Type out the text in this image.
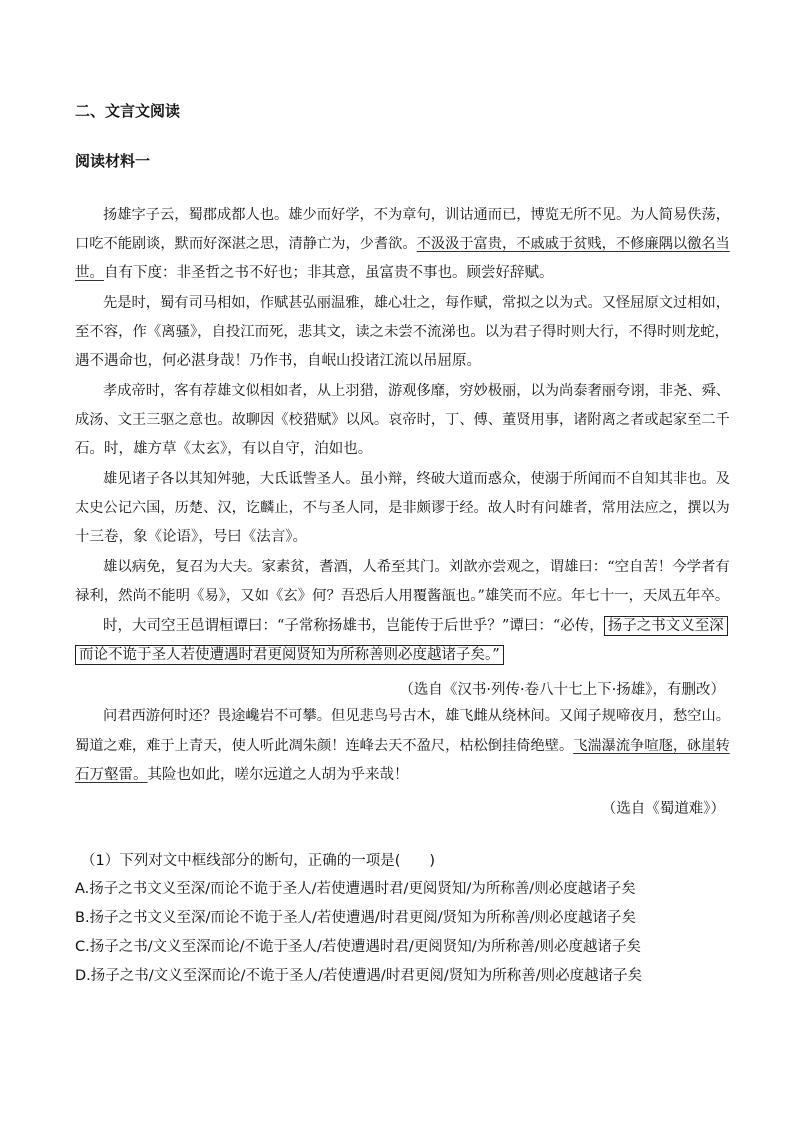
二、文言文阅读

阅读材料一

扬雄字子云，蜀郡成都人也。雄少而好学，不为章句，训诂通而已，博览无所不见。为人简易佚荡，

口吃不能剧谈，默而好深湛之思，清静亡为，少耆欲。不汲汲于富贵，不戚戚于贫贱，不修廉隅以徼名当

世。自有下度：非圣哲之书不好也；非其意，虽富贵不事也。顾尝好辞赋。

先是时，蜀有司马相如，作赋甚弘丽温雅，雄心壮之，每作赋，常拟之以为式。又怪屈原文过相如，

至不容，作《离骚》，自投江而死，悲其文，读之未尝不流涕也。以为君子得时则大行，不得时则龙蛇，

遇不遇命也，何必湛身哉！乃作书，自岷山投诸江流以吊屈原。

孝成帝时，客有荐雄文似相如者，从上羽猎，游观侈靡，穷妙极丽，以为尚泰奢丽夸诩，非尧、舜、

成汤、文王三驱之意也。故聊因《校猎赋》以风。哀帝时，丁、傅、董贤用事，诸附离之者或起家至二千

石。时，雄方草《太玄》，有以自守，泊如也。

雄见诸子各以其知舛驰，大氐诋訾圣人。虽小辩，终破大道而惑众，使溺于所闻而不自知其非也。及

太史公记六国，历楚、汉，讫麟止，不与圣人同，是非颇谬于经。故人时有问雄者，常用法应之，撰以为

十三卷，象《论语》，号曰《法言》。

雄以病免，复召为大夫。家素贫，耆酒，人希至其门。刘歆亦尝观之，谓雄曰：“空自苦！今学者有

禄利，然尚不能明《易》，又如《玄》何？吾恐后人用覆酱瓿也。”雄笑而不应。年七十一，天凤五年卒。

时，大司空王邑谓桓谭曰：“子常称扬雄书，岂能传于后世乎？”谭曰：“必传， 扬子之书文义至深

而论不诡于圣人若使遭遇时君更阅贤知为所称善则必度越诸子矣。”

（选自《汉书·列传·卷八十七上下·扬雄》，有删改）

问君西游何时还？畏途巉岩不可攀。但见悲鸟号古木，雄飞雌从绕林间。又闻子规啼夜月，愁空山。

蜀道之难，难于上青天，使人听此凋朱颜！连峰去天不盈尺，枯松倒挂倚绝壁。飞湍瀑流争喧豗，砯崖转

石万壑雷。其险也如此，嗟尔远道之人胡为乎来哉！

（选自《蜀道难》）

（1）下列对文中框线部分的断句，正确的一项是(　　)

A.扬子之书文义至深/而论不诡于圣人/若使遭遇时君/更阅贤知/为所称善/则必度越诸子矣

B.扬子之书文义至深/而论不诡于圣人/若使遭遇/时君更阅/贤知为所称善/则必度越诸子矣

C.扬子之书/文义至深而论/不诡于圣人/若使遭遇时君/更阅贤知/为所称善/则必度越诸子矣

D.扬子之书/文义至深而论/不诡于圣人/若使遭遇/时君更阅/贤知为所称善/则必度越诸子矣
